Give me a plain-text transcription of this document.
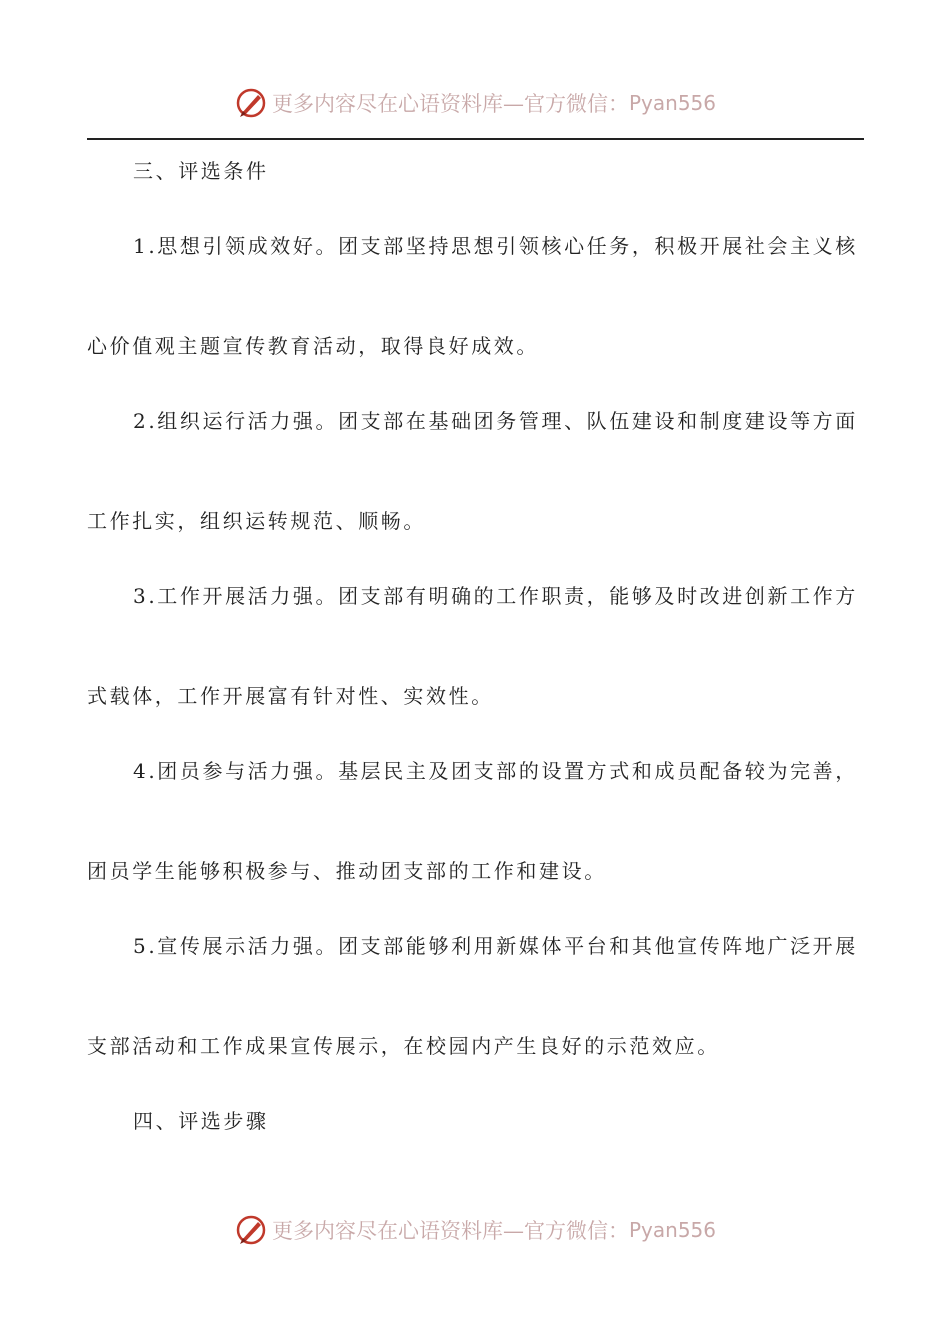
更多内容尽在心语资料库—官方微信： Pyan556
三、评选条件
1.思想引领成效好。团支部坚持思想引领核心任务，积极开展社会主义核
心价值观主题宣传教育活动，取得良好成效。
2.组织运行活力强。团支部在基础团务管理、队伍建设和制度建设等方面
工作扎实，组织运转规范、顺畅。
3.工作开展活力强。团支部有明确的工作职责，能够及时改进创新工作方
式载体，工作开展富有针对性、实效性。
4.团员参与活力强。基层民主及团支部的设置方式和成员配备较为完善，
团员学生能够积极参与、推动团支部的工作和建设。
5.宣传展示活力强。团支部能够利用新媒体平台和其他宣传阵地广泛开展
支部活动和工作成果宣传展示，在校园内产生良好的示范效应。
四、评选步骤
更多内容尽在心语资料库—官方微信： Pyan556
